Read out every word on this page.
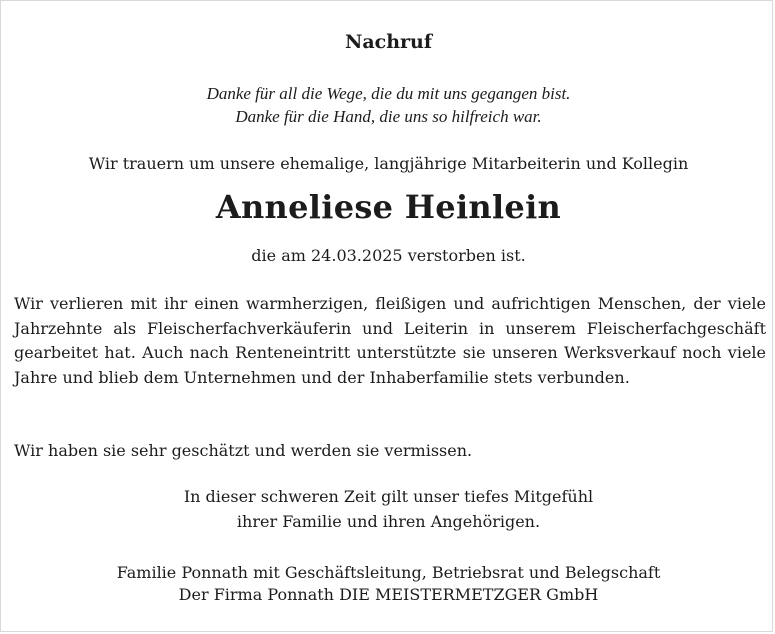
Nachruf

Danke für all die Wege, die du mit uns gegangen bist.

Danke für die Hand, die uns so hilfreich war.

Wir trauern um unsere ehemalige, langjährige Mitarbeiterin und Kollegin

Anneliese Heinlein

die am 24.03.2025 verstorben ist.

Wir verlieren mit ihr einen warmherzigen, fleißigen und aufrichtigen Menschen, der viele Jahrzehnte als Fleischerfachverkäuferin und Leiterin in unserem Fleischerfachgeschäft gearbeitet hat. Auch nach Renteneintritt unterstützte sie unseren Werksverkauf noch viele Jahre und blieb dem Unternehmen und der Inhaberfamilie stets verbunden.

Wir haben sie sehr geschätzt und werden sie vermissen.

In dieser schweren Zeit gilt unser tiefes Mitgefühl

ihrer Familie und ihren Angehörigen.

Familie Ponnath mit Geschäftsleitung, Betriebsrat und Belegschaft

Der Firma Ponnath DIE MEISTERMETZGER GmbH
